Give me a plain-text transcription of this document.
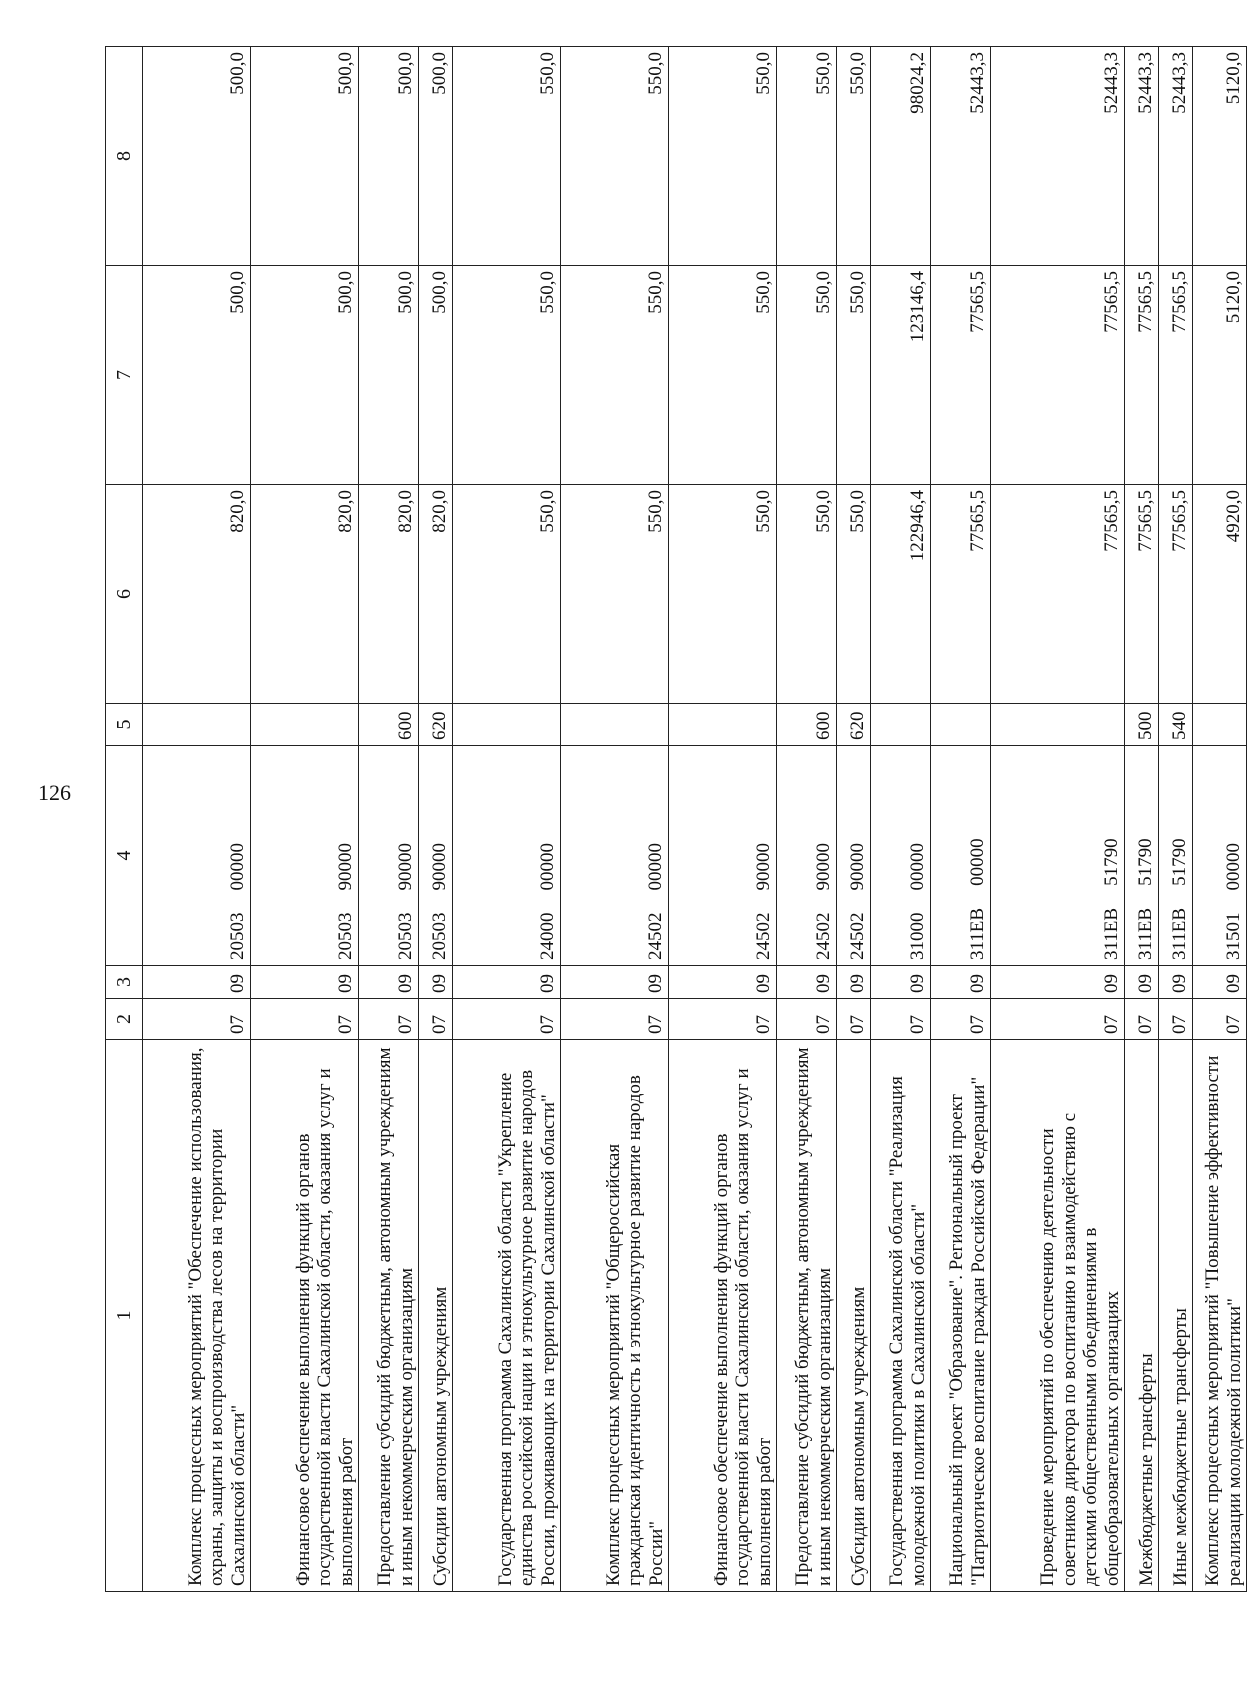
126
1	2	3	4	5	6	7	8
Комплекс процессных мероприятий "Обеспечение использования, охраны, защиты и воспроизводства лесов на территории Сахалинской области"	07	09	2050300000		820,0	500,0	500,0
Финансовое обеспечение выполнения функций органов государственной власти Сахалинской области, оказания услуг и выполнения работ	07	09	2050390000		820,0	500,0	500,0
Предоставление субсидий бюджетным, автономным учреждениям и иным некоммерческим организациям	07	09	2050390000	600	820,0	500,0	500,0
Субсидии автономным учреждениям	07	09	2050390000	620	820,0	500,0	500,0
Государственная программа Сахалинской области "Укрепление единства российской нации и этнокультурное развитие народов России, проживающих на территории Сахалинской области"	07	09	2400000000		550,0	550,0	550,0
Комплекс процессных мероприятий "Общероссийская гражданская идентичность и этнокультурное развитие народов России"	07	09	2450200000		550,0	550,0	550,0
Финансовое обеспечение выполнения функций органов государственной власти Сахалинской области, оказания услуг и выполнения работ	07	09	2450290000		550,0	550,0	550,0
Предоставление субсидий бюджетным, автономным учреждениям и иным некоммерческим организациям	07	09	2450290000	600	550,0	550,0	550,0
Субсидии автономным учреждениям	07	09	2450290000	620	550,0	550,0	550,0
Государственная программа Сахалинской области "Реализация молодежной политики в Сахалинской области"	07	09	3100000000		122946,4	123146,4	98024,2
Национальный проект "Образование". Региональный проект "Патриотическое воспитание граждан Российской Федерации"	07	09	311ЕВ00000		77565,5	77565,5	52443,3
Проведение мероприятий по обеспечению деятельности советников директора по воспитанию и взаимодействию с детскими общественными объединениями в общеобразовательных организациях	07	09	311ЕВ51790		77565,5	77565,5	52443,3
Межбюджетные трансферты	07	09	311ЕВ51790	500	77565,5	77565,5	52443,3
Иные межбюджетные трансферты	07	09	311ЕВ51790	540	77565,5	77565,5	52443,3
Комплекс процессных мероприятий "Повышение эффективности реализации молодежной политики"	07	09	3150100000		4920,0	5120,0	5120,0
